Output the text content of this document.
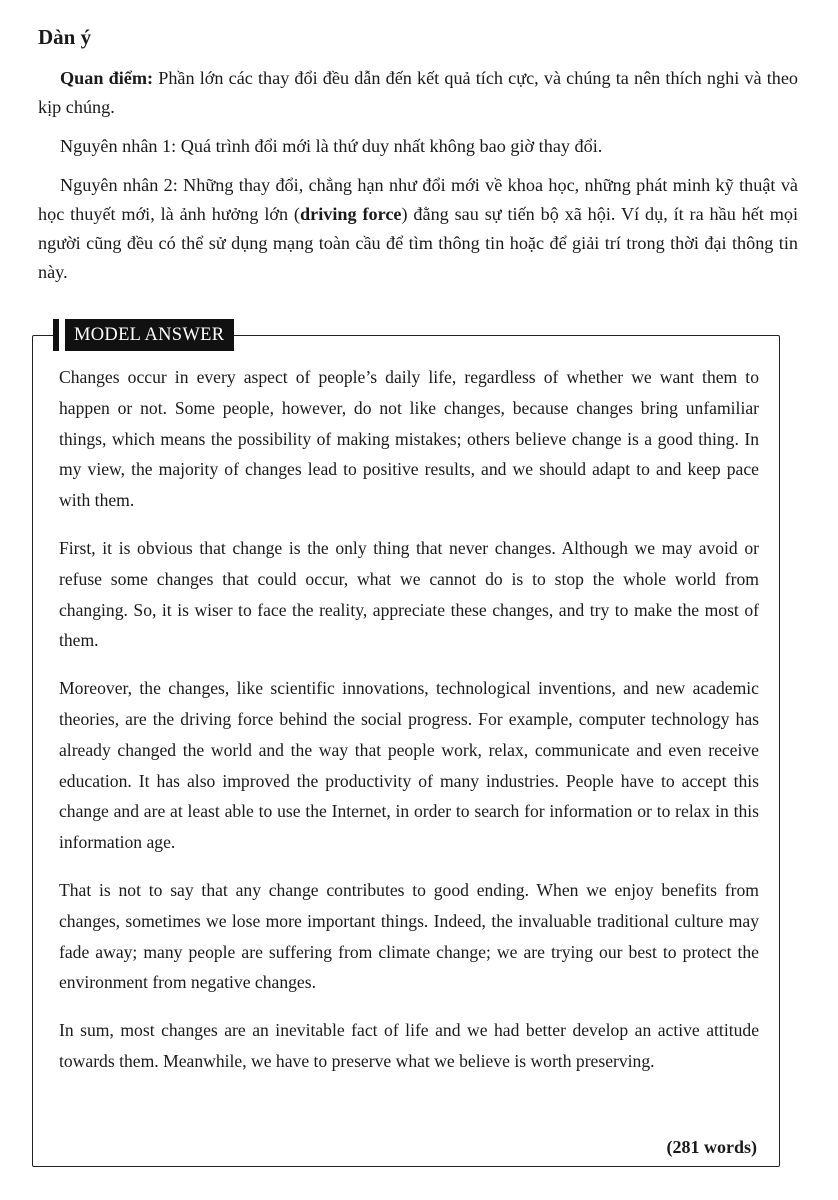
Dàn ý

Quan điểm: Phần lớn các thay đổi đều dẫn đến kết quả tích cực, và chúng ta nên thích nghi và theo kịp chúng.

Nguyên nhân 1: Quá trình đổi mới là thứ duy nhất không bao giờ thay đổi.

Nguyên nhân 2: Những thay đổi, chẳng hạn như đổi mới về khoa học, những phát minh kỹ thuật và học thuyết mới, là ảnh hưởng lớn (driving force) đằng sau sự tiến bộ xã hội. Ví dụ, ít ra hầu hết mọi người cũng đều có thể sử dụng mạng toàn cầu để tìm thông tin hoặc để giải trí trong thời đại thông tin này.

MODEL ANSWER

Changes occur in every aspect of people’s daily life, regardless of whether we want them to happen or not. Some people, however, do not like changes, because changes bring unfamiliar things, which means the possibility of making mistakes; others believe change is a good thing. In my view, the majority of changes lead to positive results, and we should adapt to and keep pace with them.

First, it is obvious that change is the only thing that never changes. Although we may avoid or refuse some changes that could occur, what we cannot do is to stop the whole world from changing. So, it is wiser to face the reality, appreciate these changes, and try to make the most of them.

Moreover, the changes, like scientific innovations, technological inventions, and new academic theories, are the driving force behind the social progress. For example, computer technology has already changed the world and the way that people work, relax, communicate and even receive education. It has also improved the productivity of many industries. People have to accept this change and are at least able to use the Internet, in order to search for information or to relax in this information age.

That is not to say that any change contributes to good ending. When we enjoy benefits from changes, sometimes we lose more important things. Indeed, the invaluable traditional culture may fade away; many people are suffering from climate change; we are trying our best to protect the environment from negative changes.

In sum, most changes are an inevitable fact of life and we had better develop an active attitude towards them. Meanwhile, we have to preserve what we believe is worth preserving.

(281 words)
